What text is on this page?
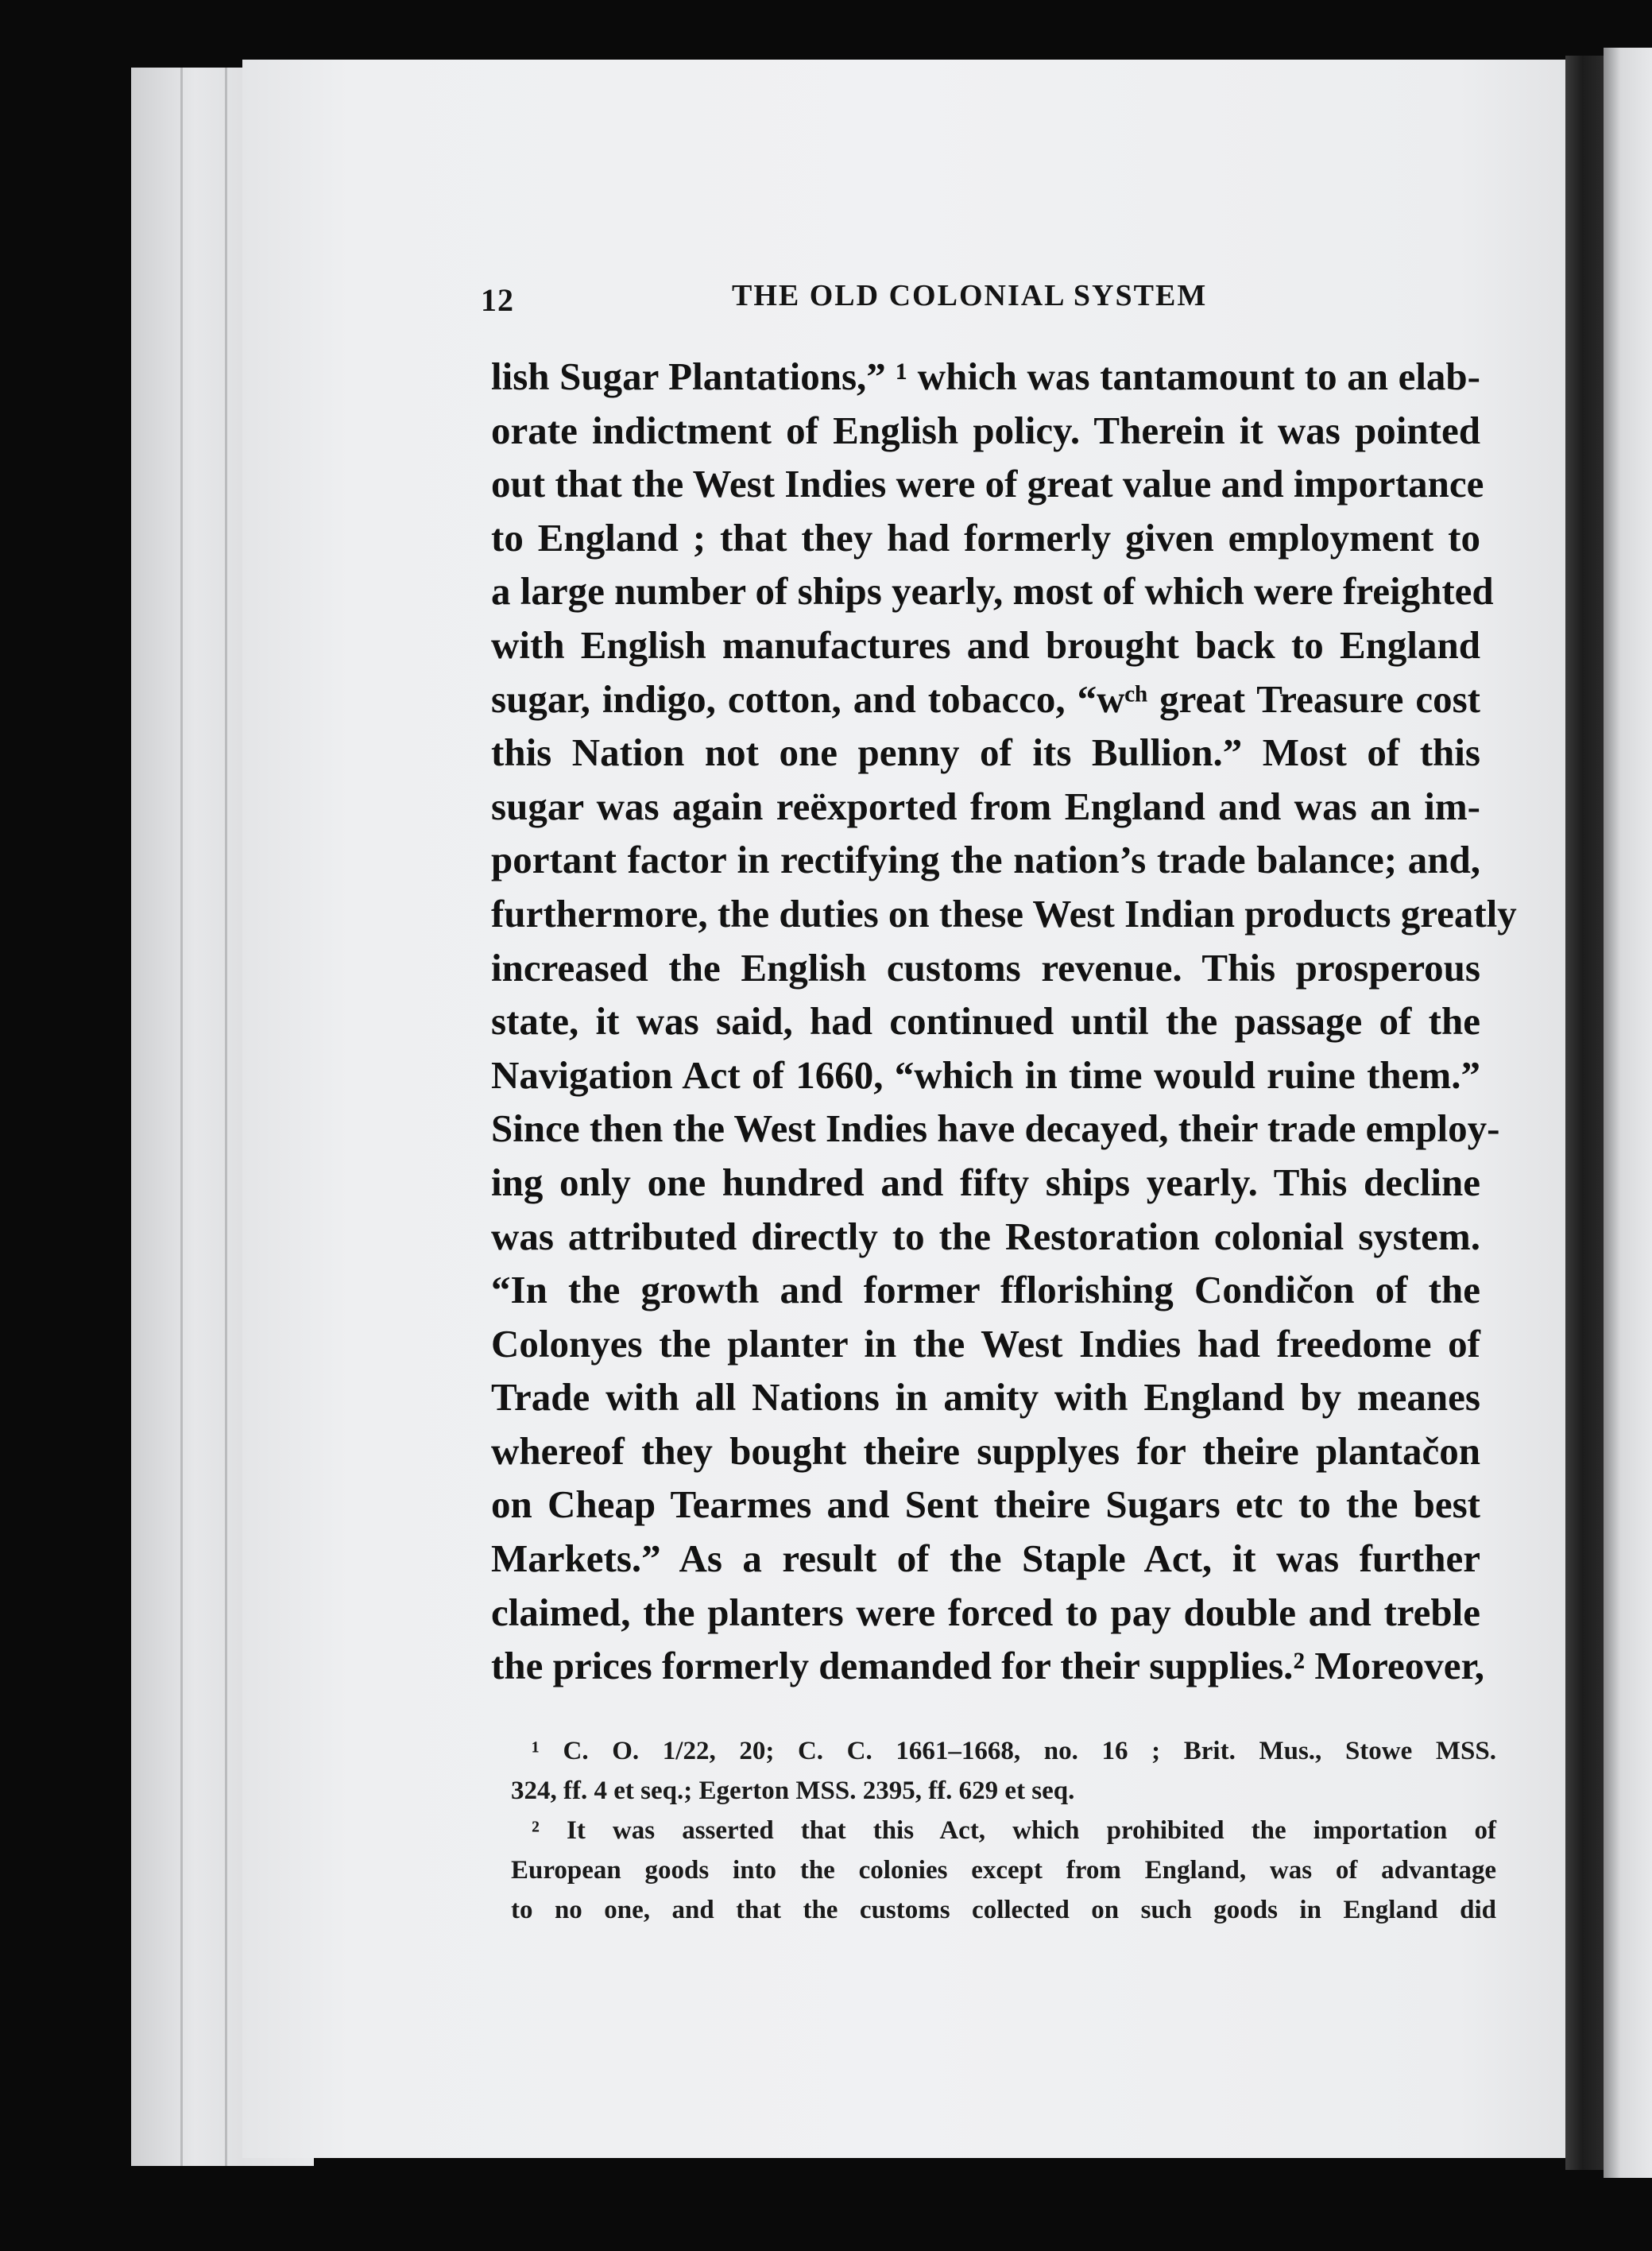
12	THE OLD COLONIAL SYSTEM
lish Sugar Plantations,” ¹ which was tantamount to an elab-
orate indictment of English policy. Therein it was pointed
out that the West Indies were of great value and importance
to England ; that they had formerly given employment to
a large number of ships yearly, most of which were freighted
with English manufactures and brought back to England
sugar, indigo, cotton, and tobacco, “wᶜʰ great Treasure cost
this Nation not one penny of its Bullion.” Most of this
sugar was again reëxported from England and was an im-
portant factor in rectifying the nation’s trade balance; and,
furthermore, the duties on these West Indian products greatly
increased the English customs revenue. This prosperous
state, it was said, had continued until the passage of the
Navigation Act of 1660, “which in time would ruine them.”
Since then the West Indies have decayed, their trade employ-
ing only one hundred and fifty ships yearly. This decline
was attributed directly to the Restoration colonial system.
“In the growth and former fflorishing Condičon of the
Colonyes the planter in the West Indies had freedome of
Trade with all Nations in amity with England by meanes
whereof they bought theire supplyes for theire plantačon
on Cheap Tearmes and Sent theire Sugars etc to the best
Markets.” As a result of the Staple Act, it was further
claimed, the planters were forced to pay double and treble
the prices formerly demanded for their supplies.² Moreover,
¹ C. O. 1/22, 20; C. C. 1661–1668, no. 16 ; Brit. Mus., Stowe MSS.
324, ff. 4 et seq.; Egerton MSS. 2395, ff. 629 et seq.
² It was asserted that this Act, which prohibited the importation of
European goods into the colonies except from England, was of advantage
to no one, and that the customs collected on such goods in England did
